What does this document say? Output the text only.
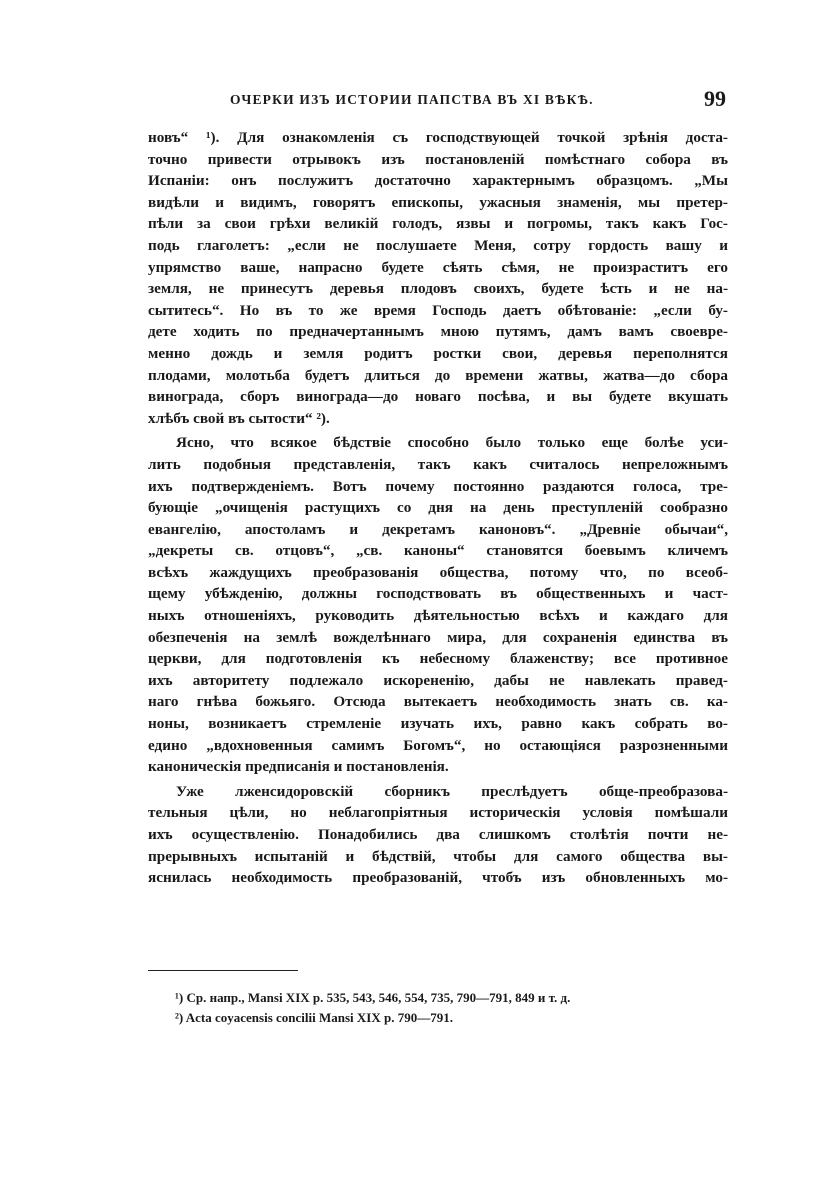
ОЧЕРКИ ИЗЪ ИСТОРИИ ПАПСТВА ВЪ XI ВѢКѢ.	99
новъ“ ¹). Для ознакомленія съ господствующей точкой зрѣнія доста-
точно привести отрывокъ изъ постановленій помѣстнаго собора въ
Испаніи: онъ послужитъ достаточно характернымъ образцомъ. „Мы
видѣли и видимъ, говорятъ епископы, ужасныя знаменія, мы претер-
пѣли за свои грѣхи великій голодъ, язвы и погромы, такъ какъ Гос-
подь глаголетъ: „если не послушаете Меня, сотру гордость вашу и
упрямство ваше, напрасно будете сѣять сѣмя, не произраститъ его
земля, не принесутъ деревья плодовъ своихъ, будете ѣсть и не на-
сытитесь“. Но въ то же время Господь даетъ обѣтованіе: „если бу-
дете ходить по предначертаннымъ мною путямъ, дамъ вамъ своевре-
менно дождь и земля родитъ ростки свои, деревья переполнятся
плодами, молотьба будетъ длиться до времени жатвы, жатва—до сбора
винограда, сборъ винограда—до новаго посѣва, и вы будете вкушать
хлѣбъ свой въ сытости“ ²).
Ясно, что всякое бѣдствіе способно было только еще болѣе уси-
лить подобныя представленія, такъ какъ считалось непреложнымъ
ихъ подтвержденіемъ. Вотъ почему постоянно раздаются голоса, тре-
бующіе „очищенія растущихъ со дня на день преступленій сообразно
евангелію, апостоламъ и декретамъ каноновъ“. „Древніе обычаи“,
„декреты св. отцовъ“, „св. каноны“ становятся боевымъ кличемъ
всѣхъ жаждущихъ преобразованія общества, потому что, по всеоб-
щему убѣжденію, должны господствовать въ общественныхъ и част-
ныхъ отношеніяхъ, руководить дѣятельностью всѣхъ и каждаго для
обезпеченія на землѣ вожделѣннаго мира, для сохраненія единства въ
церкви, для подготовленія къ небесному блаженству; все противное
ихъ авторитету подлежало искорененію, дабы не навлекать правед-
наго гнѣва божьяго. Отсюда вытекаетъ необходимость знать св. ка-
ноны, возникаетъ стремленіе изучать ихъ, равно какъ собрать во-
едино „вдохновенныя самимъ Богомъ“, но остающіяся разрозненными
каноническія предписанія и постановленія.
Уже лженсидоровскій сборникъ преслѣдуетъ обще-преобразова-
тельныя цѣли, но неблагопріятныя историческія условія помѣшали
ихъ осуществленію. Понадобились два слишкомъ столѣтія почти не-
прерывныхъ испытаній и бѣдствій, чтобы для самого общества вы-
яснилась необходимость преобразованій, чтобъ изъ обновленныхъ мо-
¹) Ср. напр., Mansi XIX p. 535, 543, 546, 554, 735, 790—791, 849 и т. д.
²) Acta coyacensis concilii Mansi XIX p. 790—791.
